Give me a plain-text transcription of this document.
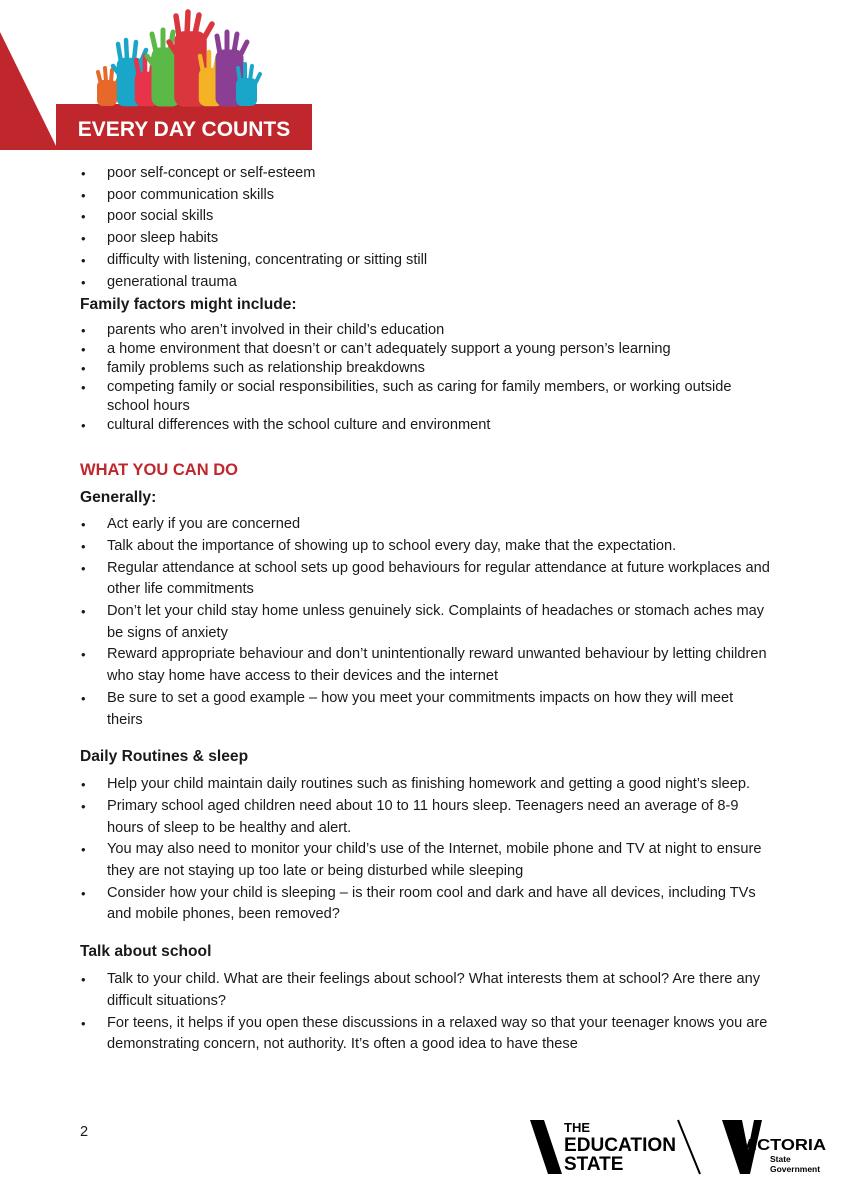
EVERY DAY COUNTS
• poor self-concept or self-esteem
• poor communication skills
• poor social skills
• poor sleep habits
• difficulty with listening, concentrating or sitting still
• generational trauma
Family factors might include:
• parents who aren’t involved in their child’s education
• a home environment that doesn’t or can’t adequately support a young person’s learning
• family problems such as relationship breakdowns
• competing family or social responsibilities, such as caring for family members, or working outside school hours
• cultural differences with the school culture and environment
WHAT YOU CAN DO
Generally:
• Act early if you are concerned
• Talk about the importance of showing up to school every day, make that the expectation.
• Regular attendance at school sets up good behaviours for regular attendance at future workplaces and other life commitments
• Don’t let your child stay home unless genuinely sick. Complaints of headaches or stomach aches may be signs of anxiety
• Reward appropriate behaviour and don’t unintentionally reward unwanted behaviour by letting children who stay home have access to their devices and the internet
• Be sure to set a good example – how you meet your commitments impacts on how they will meet theirs
Daily Routines & sleep
• Help your child maintain daily routines such as finishing homework and getting a good night’s sleep.
• Primary school aged children need about 10 to 11 hours sleep. Teenagers need an average of 8-9 hours of sleep to be healthy and alert.
• You may also need to monitor your child’s use of the Internet, mobile phone and TV at night to ensure they are not staying up too late or being disturbed while sleeping
• Consider how your child is sleeping – is their room cool and dark and have all devices, including TVs and mobile phones, been removed?
Talk about school
• Talk to your child. What are their feelings about school? What interests them at school? Are there any difficult situations?
• For teens, it helps if you open these discussions in a relaxed way so that your teenager knows you are demonstrating concern, not authority. It’s often a good idea to have these
2	THE
EDUCATION
STATE
VICTORIA
State
Government
